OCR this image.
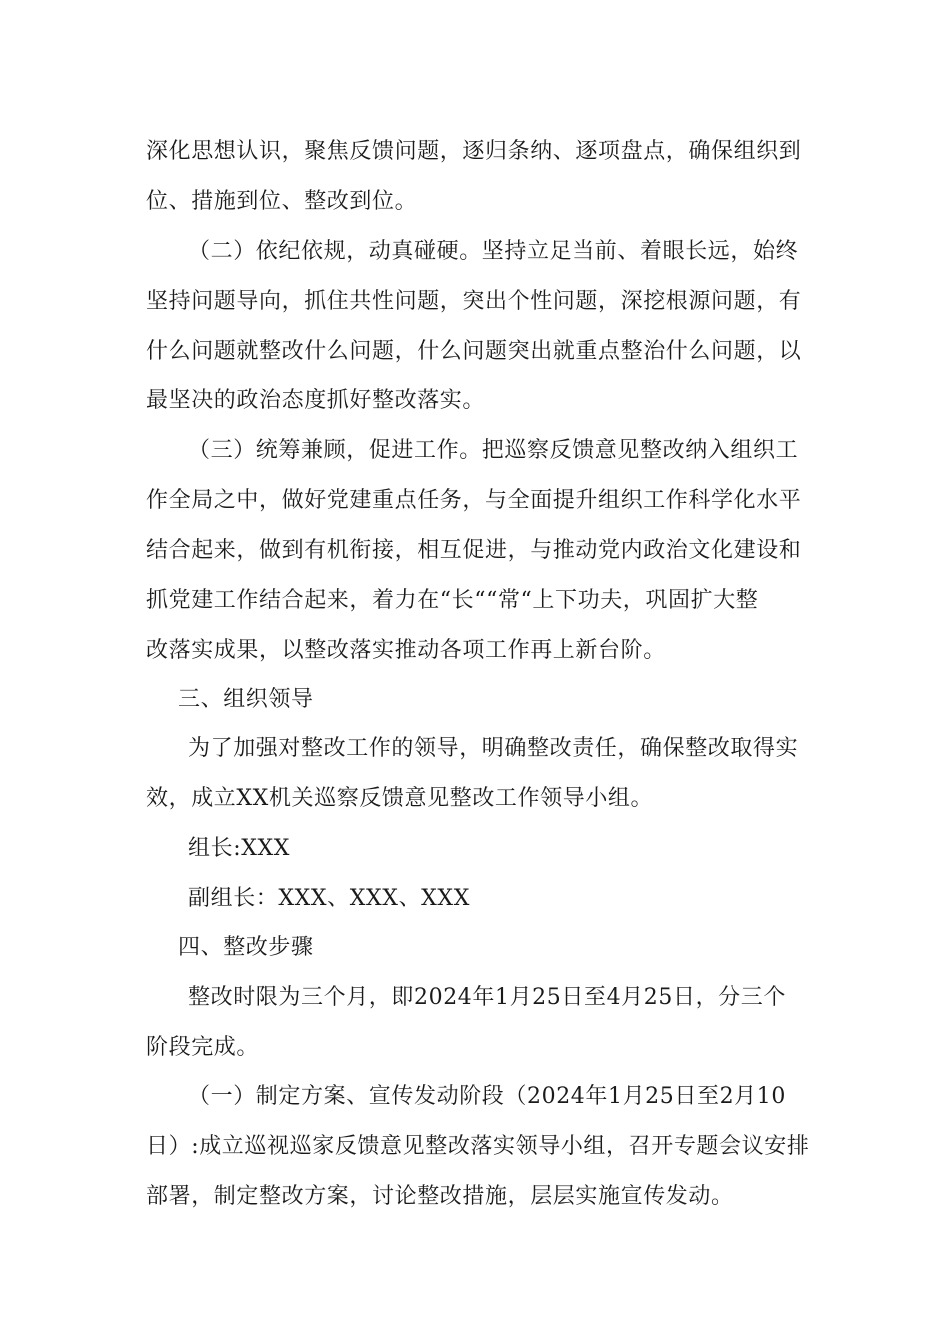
深化思想认识，聚焦反馈问题，逐归条纳、逐项盘点，确保组织到
位、措施到位、整改到位。
（二）依纪依规，动真碰硬。坚持立足当前、着眼长远，始终
坚持问题导向，抓住共性问题，突出个性问题，深挖根源问题，有
什么问题就整改什么问题，什么问题突出就重点整治什么问题，以
最坚决的政治态度抓好整改落实。
（三）统筹兼顾，促进工作。把巡察反馈意见整改纳入组织工
作全局之中，做好党建重点任务，与全面提升组织工作科学化水平
结合起来，做到有机衔接，相互促进，与推动党内政治文化建设和
抓党建工作结合起来，着力在“长““常“上下功夫，巩固扩大整
改落实成果，以整改落实推动各项工作再上新台阶。
三、组织领导
为了加强对整改工作的领导，明确整改责任，确保整改取得实
效，成立XX机关巡察反馈意见整改工作领导小组。
组长:XXX
副组长：XXX、XXX、XXX
四、整改步骤
整改时限为三个月，即2024年1月25日至4月25日，分三个
阶段完成。
（一）制定方案、宣传发动阶段（2024年1月25日至2月10
日）:成立巡视巡家反馈意见整改落实领导小组，召开专题会议安排
部署，制定整改方案，讨论整改措施，层层实施宣传发动。
